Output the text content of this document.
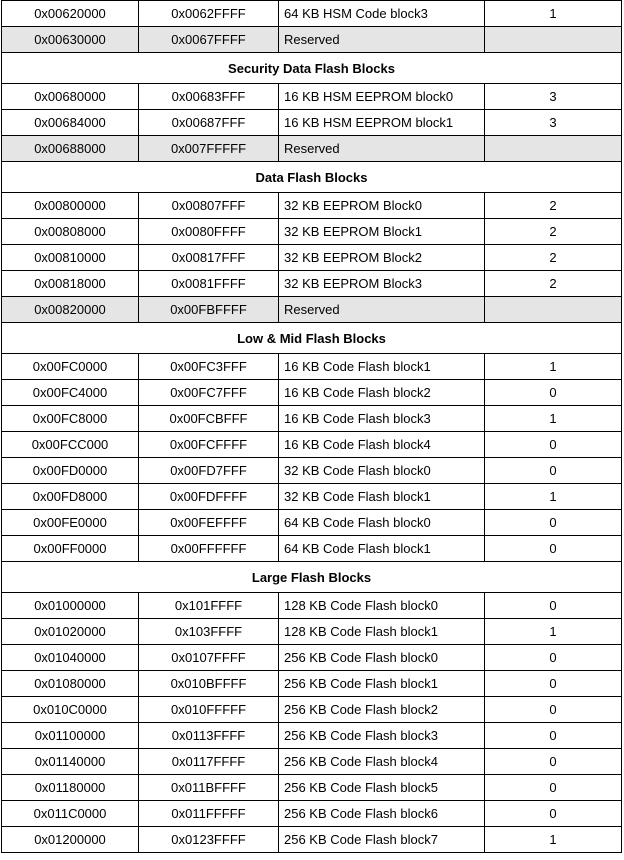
0x00620000	0x0062FFFF	64 KB HSM Code block3	1
0x00630000	0x0067FFFF	Reserved	
Security Data Flash Blocks			
0x00680000	0x00683FFF	16 KB HSM EEPROM block0	3
0x00684000	0x00687FFF	16 KB HSM EEPROM block1	3
0x00688000	0x007FFFFF	Reserved	
Data Flash Blocks			
0x00800000	0x00807FFF	32 KB EEPROM Block0	2
0x00808000	0x0080FFFF	32 KB EEPROM Block1	2
0x00810000	0x00817FFF	32 KB EEPROM Block2	2
0x00818000	0x0081FFFF	32 KB EEPROM Block3	2
0x00820000	0x00FBFFFF	Reserved	
Low & Mid Flash Blocks			
0x00FC0000	0x00FC3FFF	16 KB Code Flash block1	1
0x00FC4000	0x00FC7FFF	16 KB Code Flash block2	0
0x00FC8000	0x00FCBFFF	16 KB Code Flash block3	1
0x00FCC000	0x00FCFFFF	16 KB Code Flash block4	0
0x00FD0000	0x00FD7FFF	32 KB Code Flash block0	0
0x00FD8000	0x00FDFFFF	32 KB Code Flash block1	1
0x00FE0000	0x00FEFFFF	64 KB Code Flash block0	0
0x00FF0000	0x00FFFFFF	64 KB Code Flash block1	0
Large Flash Blocks			
0x01000000	0x101FFFF	128 KB Code Flash block0	0
0x01020000	0x103FFFF	128 KB Code Flash block1	1
0x01040000	0x0107FFFF	256 KB Code Flash block0	0
0x01080000	0x010BFFFF	256 KB Code Flash block1	0
0x010C0000	0x010FFFFF	256 KB Code Flash block2	0
0x01100000	0x0113FFFF	256 KB Code Flash block3	0
0x01140000	0x0117FFFF	256 KB Code Flash block4	0
0x01180000	0x011BFFFF	256 KB Code Flash block5	0
0x011C0000	0x011FFFFF	256 KB Code Flash block6	0
0x01200000	0x0123FFFF	256 KB Code Flash block7	1
